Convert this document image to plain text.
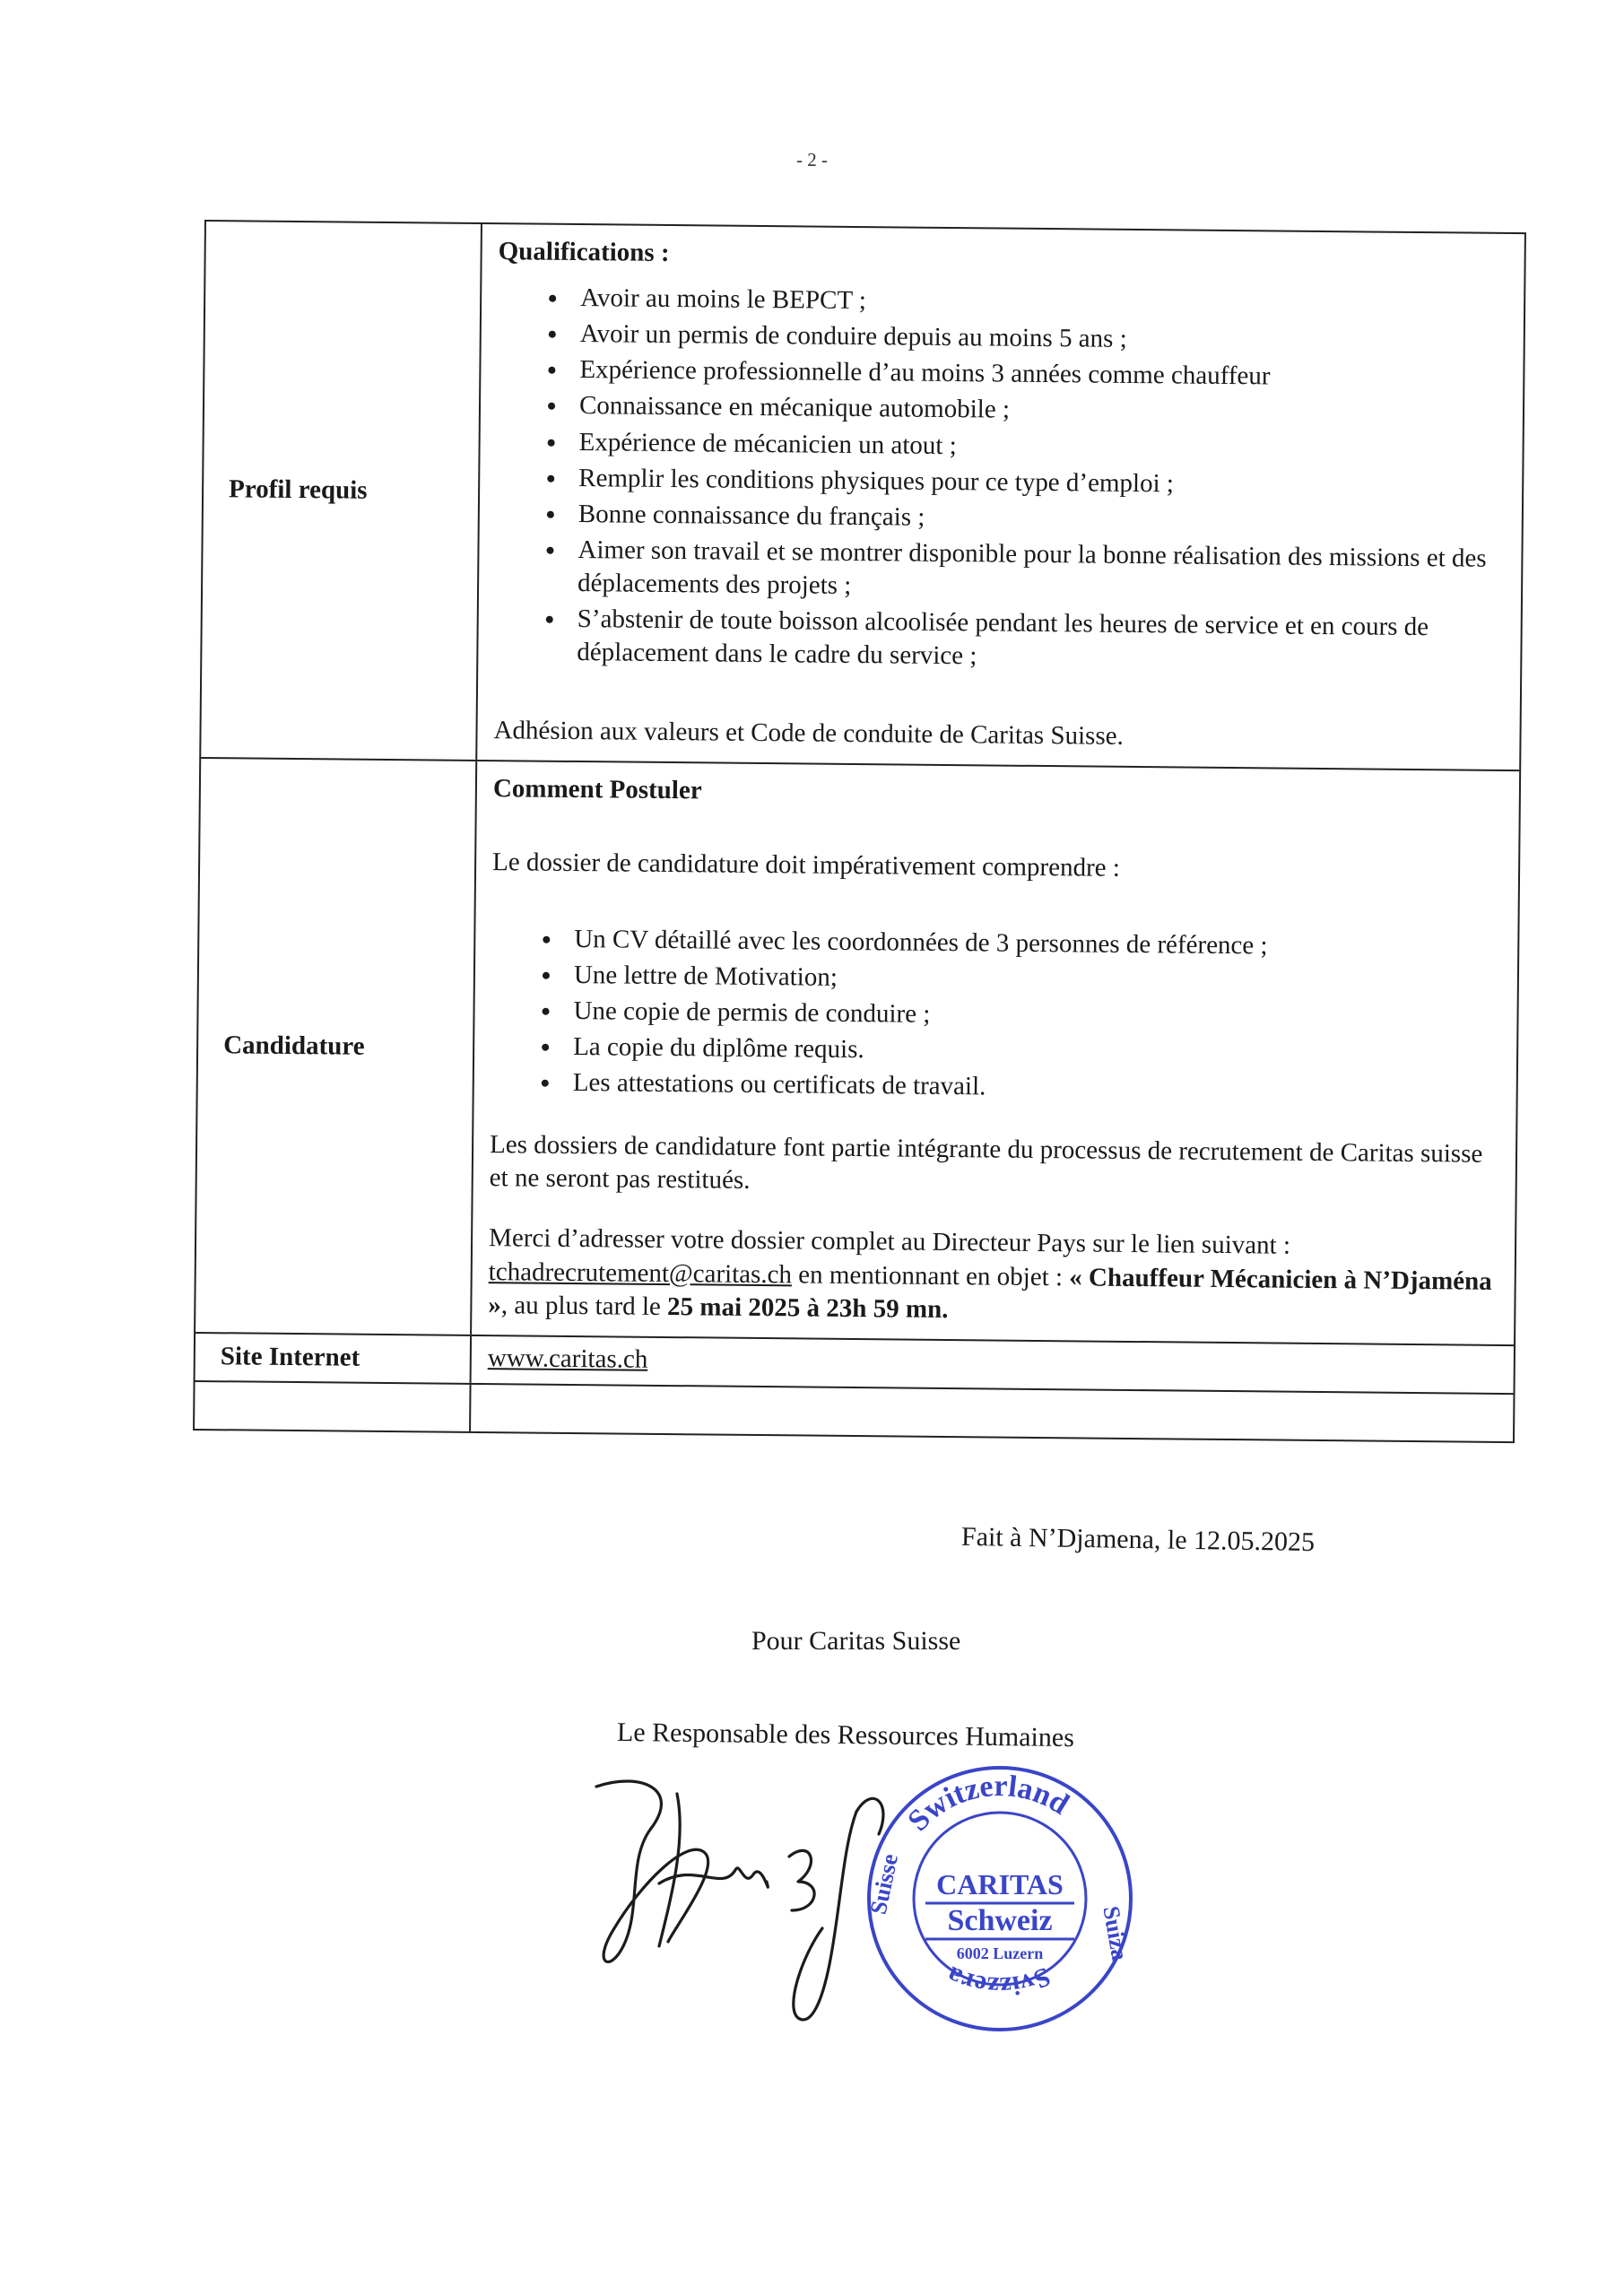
- 2 -
Profil requis
Qualifications :
• Avoir au moins le BEPCT ;
• Avoir un permis de conduire depuis au moins 5 ans ;
• Expérience professionnelle d’au moins 3 années comme chauffeur
• Connaissance en mécanique automobile ;
• Expérience de mécanicien un atout ;
• Remplir les conditions physiques pour ce type d’emploi ;
• Bonne connaissance du français ;
• Aimer son travail et se montrer disponible pour la bonne réalisation des missions et des déplacements des projets ;
• S’abstenir de toute boisson alcoolisée pendant les heures de service et en cours de déplacement dans le cadre du service ;

Adhésion aux valeurs et Code de conduite de Caritas Suisse.

Candidature
Comment Postuler

Le dossier de candidature doit impérativement comprendre :

• Un CV détaillé avec les coordonnées de 3 personnes de référence ;
• Une lettre de Motivation;
• Une copie de permis de conduire ;
• La copie du diplôme requis.
• Les attestations ou certificats de travail.

Les dossiers de candidature font partie intégrante du processus de recrutement de Caritas suisse et ne seront pas restitués.

Merci d’adresser votre dossier complet au Directeur Pays sur le lien suivant :
tchadrecrutement@caritas.ch en mentionnant en objet : « Chauffeur Mécanicien à N’Djaména », au plus tard le 25 mai 2025 à 23h 59 mn.

Site Internet	www.caritas.ch
Fait à N’Djamena, le 12.05.2025
Pour Caritas Suisse
Le Responsable des Ressources Humaines
Switzerland
Svizzera
Suisse
Suiza
CARITAS
Schweiz
6002 Luzern
